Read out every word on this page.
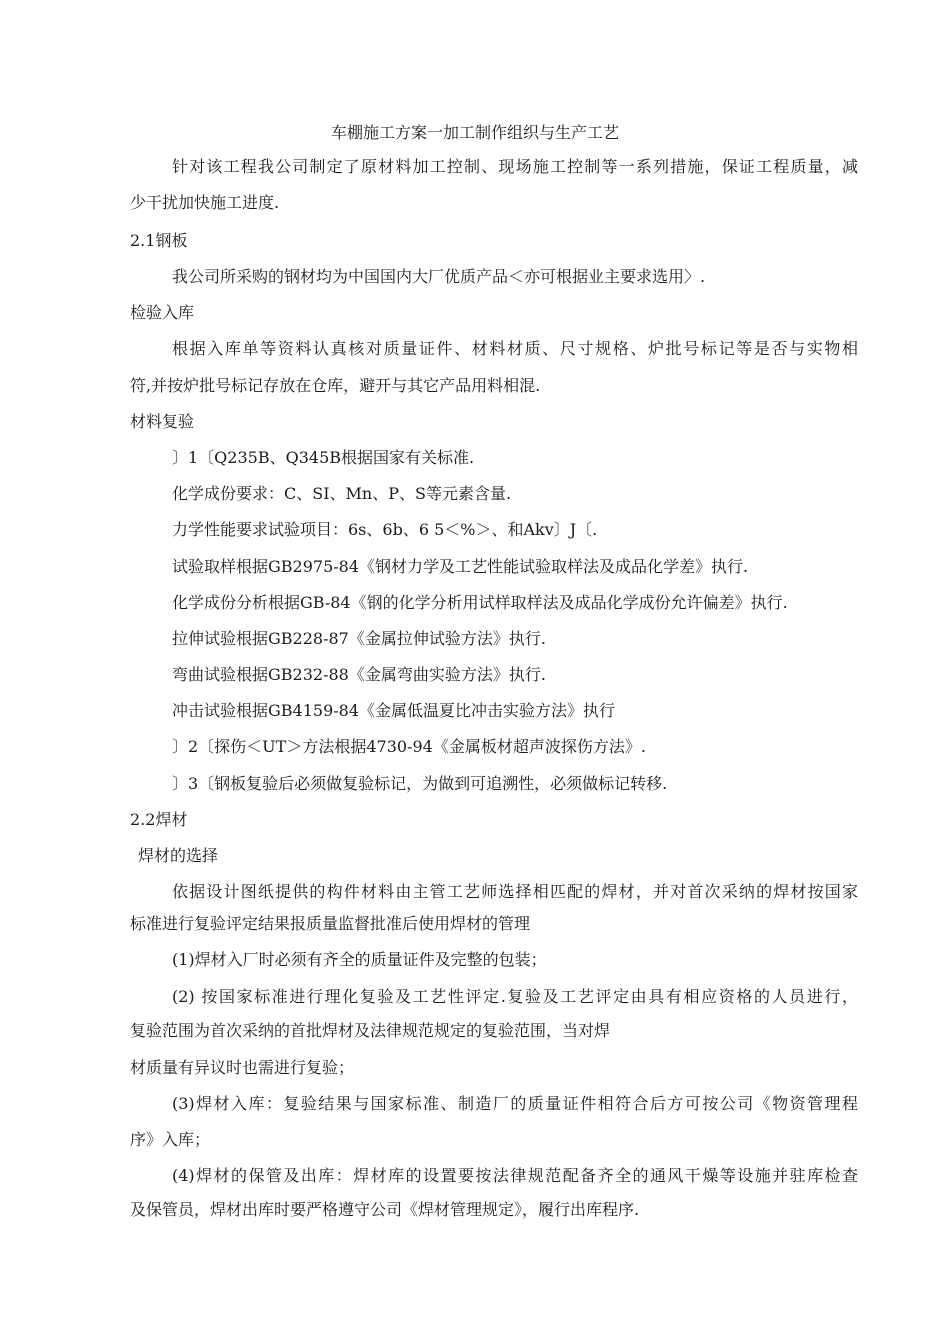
车棚施工方案一加工制作组织与生产工艺
针对该工程我公司制定了原材料加工控制、现场施工控制等一系列措施，保证工程质量，减
少干扰加快施工进度.
2.1钢板
我公司所采购的钢材均为中国国内大厂优质产品＜亦可根据业主要求选用〉.
检验入库
根据入库单等资料认真核对质量证件、材料材质、尺寸规格、炉批号标记等是否与实物相
符,并按炉批号标记存放在仓库，避开与其它产品用料相混.
材料复验
〕1〔Q235B、Q345B根据国家有关标准.
化学成份要求：C、SI、Mn、P、S等元素含量.
力学性能要求试验项目：6s、6b、6 5＜%＞、和Akv〕J〔.
试验取样根据GB2975-84《钢材力学及工艺性能试验取样法及成品化学差》执行.
化学成份分析根据GB-84《钢的化学分析用试样取样法及成品化学成份允许偏差》执行.
拉伸试验根据GB228-87《金属拉伸试验方法》执行.
弯曲试验根据GB232-88《金属弯曲实验方法》执行.
冲击试验根据GB4159-84《金属低温夏比冲击实验方法》执行
〕2〔探伤＜UT＞方法根据4730-94《金属板材超声波探伤方法》.
〕3〔钢板复验后必须做复验标记，为做到可追溯性，必须做标记转移.
2.2焊材
焊材的选择
依据设计图纸提供的构件材料由主管工艺师选择相匹配的焊材，并对首次采纳的焊材按国家
标准进行复验评定结果报质量监督批准后使用焊材的管理
(1)焊材入厂时必须有齐全的质量证件及完整的包装；
(2) 按国家标准进行理化复验及工艺性评定.复验及工艺评定由具有相应资格的人员进行，
复验范围为首次采纳的首批焊材及法律规范规定的复验范围，当对焊
材质量有异议时也需进行复验；
(3)焊材入库：复验结果与国家标准、制造厂的质量证件相符合后方可按公司《物资管理程
序》入库；
(4)焊材的保管及出库：焊材库的设置要按法律规范配备齐全的通风干燥等设施并驻库检查
及保管员，焊材出库时要严格遵守公司《焊材管理规定》，履行出库程序.
